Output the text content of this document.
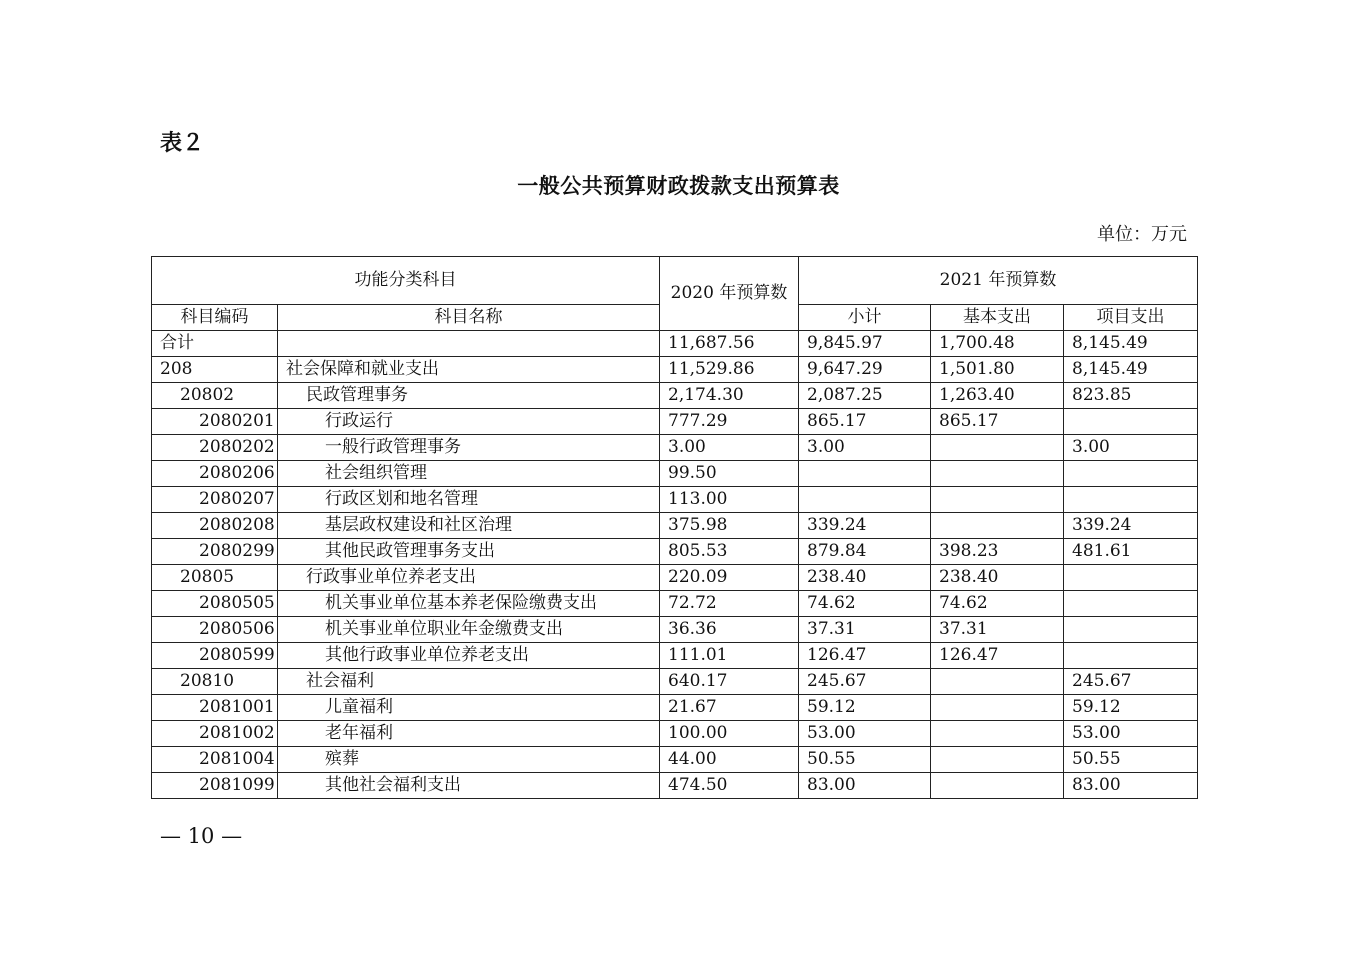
表２
一般公共预算财政拨款支出预算表
单位：万元
功能分类科目		2020 年预算数	2021 年预算数		
科目编码	科目名称		小计	基本支出	项目支出
合计		11,687.56	9,845.97	1,700.48	8,145.49
208	社会保障和就业支出	11,529.86	9,647.29	1,501.80	8,145.49
20802	民政管理事务	2,174.30	2,087.25	1,263.40	823.85
2080201	行政运行	777.29	865.17	865.17	
2080202	一般行政管理事务	3.00	3.00		3.00
2080206	社会组织管理	99.50			
2080207	行政区划和地名管理	113.00			
2080208	基层政权建设和社区治理	375.98	339.24		339.24
2080299	其他民政管理事务支出	805.53	879.84	398.23	481.61
20805	行政事业单位养老支出	220.09	238.40	238.40	
2080505	机关事业单位基本养老保险缴费支出	72.72	74.62	74.62	
2080506	机关事业单位职业年金缴费支出	36.36	37.31	37.31	
2080599	其他行政事业单位养老支出	111.01	126.47	126.47	
20810	社会福利	640.17	245.67		245.67
2081001	儿童福利	21.67	59.12		59.12
2081002	老年福利	100.00	53.00		53.00
2081004	殡葬	44.00	50.55		50.55
2081099	其他社会福利支出	474.50	83.00		83.00
— 10 —
